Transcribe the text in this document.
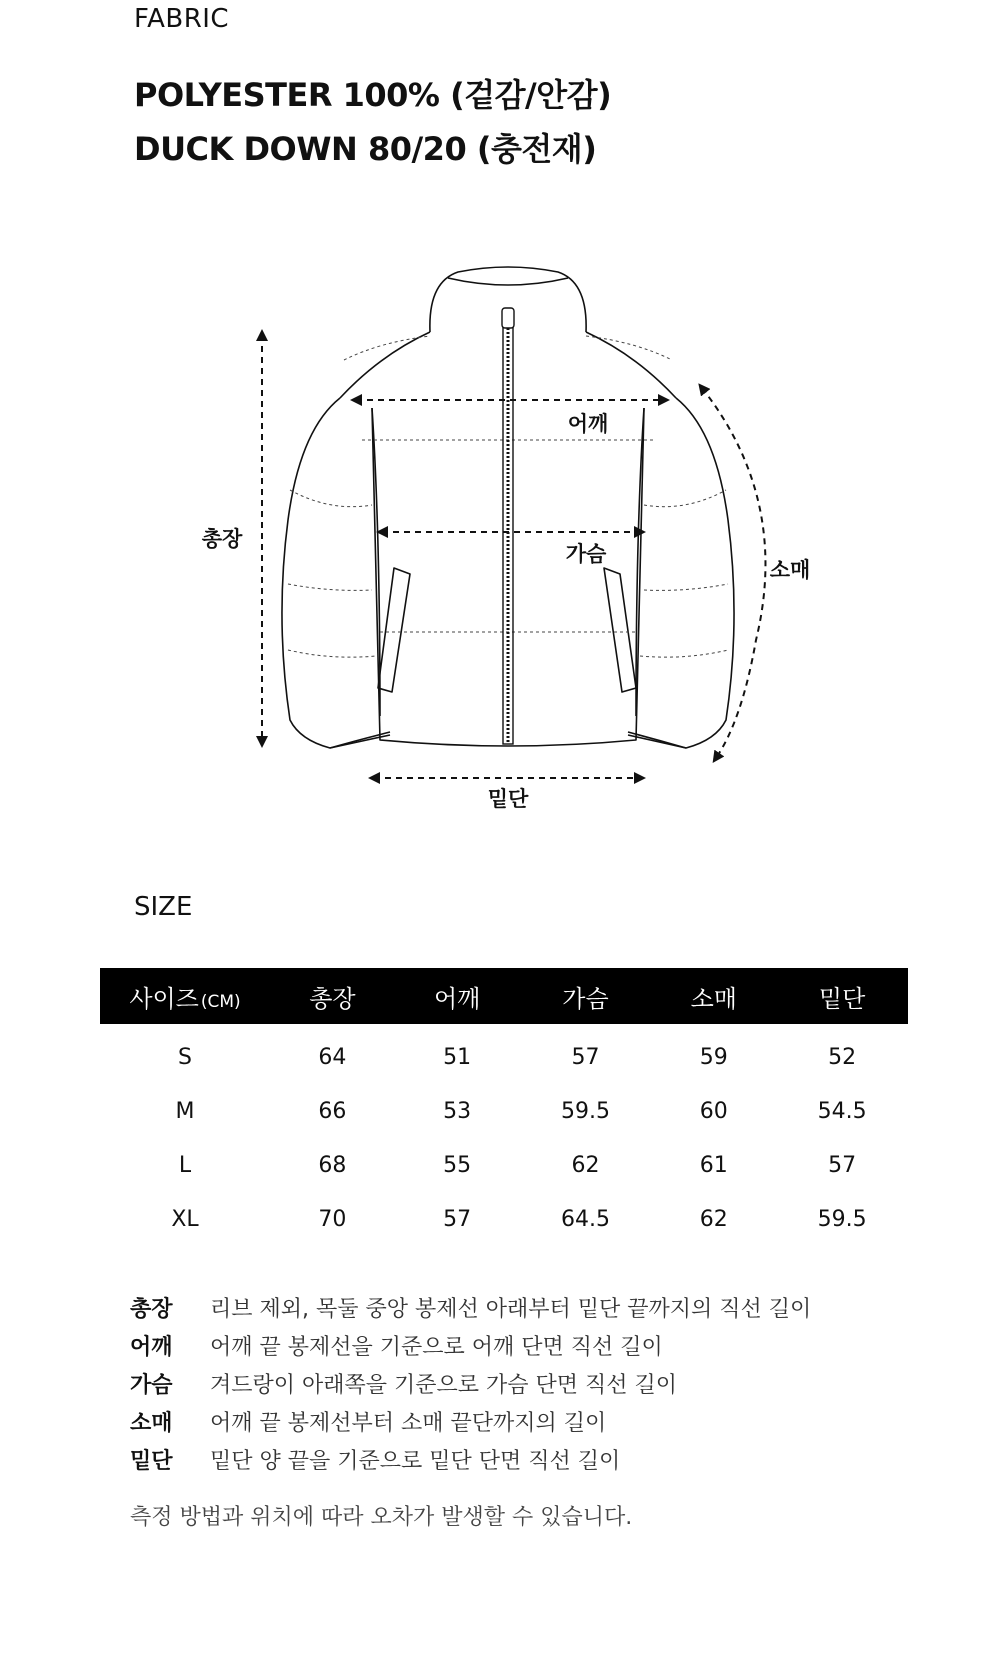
FABRIC
POLYESTER 100% (겉감/안감)
DUCK DOWN 80/20 (충전재)
총장
어깨
가슴
소매
밑단
SIZE
사이즈 (CM)	총장	어깨	가슴	소매	밑단
S	64	51	57	59	52
M	66	53	59.5	60	54.5
L	68	55	62	61	57
XL	70	57	64.5	62	59.5
총장	리브 제외, 목둘 중앙 봉제선 아래부터 밑단 끝까지의 직선 길이
어깨	어깨 끝 봉제선을 기준으로 어깨 단면 직선 길이
가슴	겨드랑이 아래쪽을 기준으로 가슴 단면 직선 길이
소매	어깨 끝 봉제선부터 소매 끝단까지의 길이
밑단	밑단 양 끝을 기준으로 밑단 단면 직선 길이
측정 방법과 위치에 따라 오차가 발생할 수 있습니다.
